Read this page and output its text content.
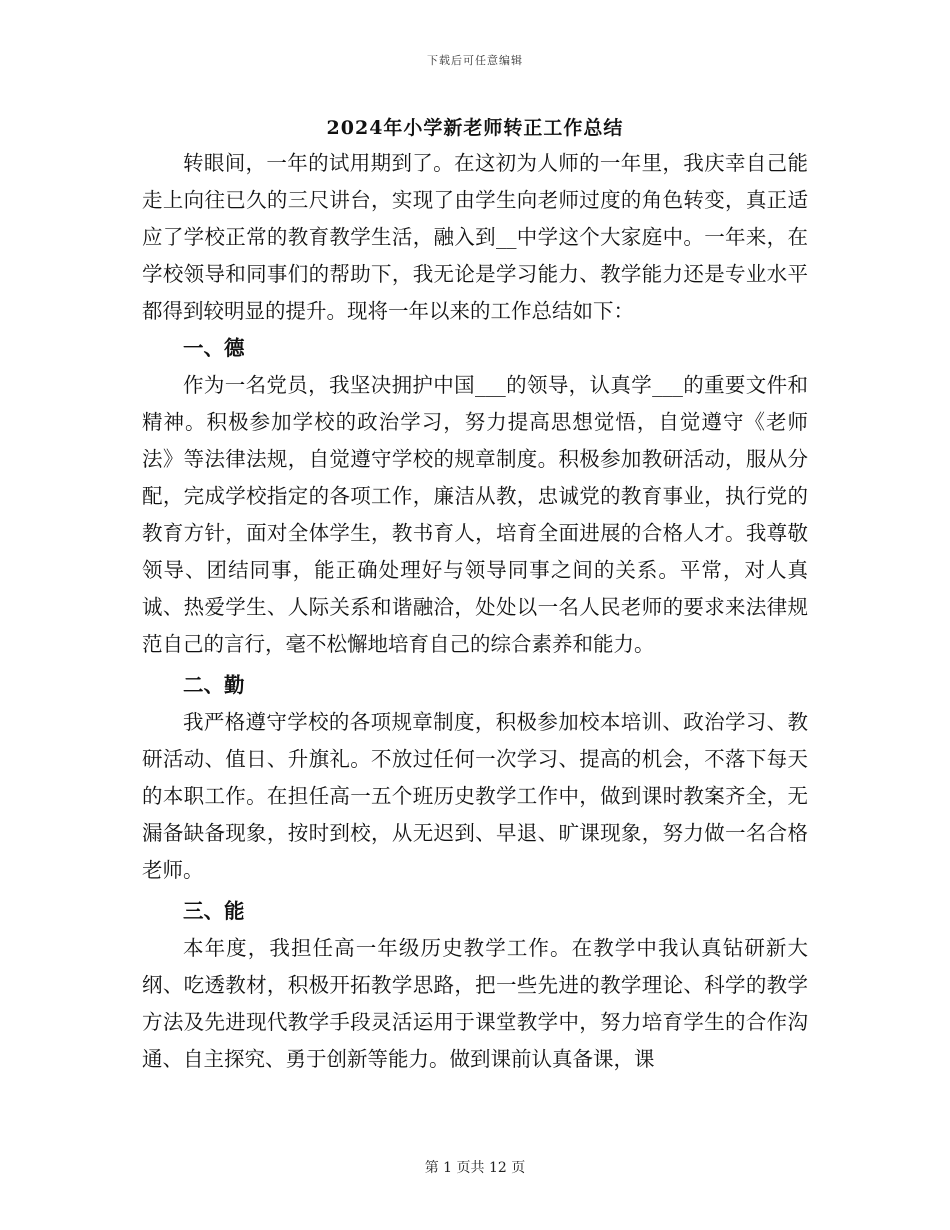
下载后可任意编辑
2024年小学新老师转正工作总结

转眼间，一年的试用期到了。在这初为人师的一年里，我庆幸自己能走上向往已久的三尺讲台，实现了由学生向老师过度的角色转变，真正适应了学校正常的教育教学生活，融入到__中学这个大家庭中。一年来，在学校领导和同事们的帮助下，我无论是学习能力、教学能力还是专业水平都得到较明显的提升。现将一年以来的工作总结如下：

一、德

作为一名党员，我坚决拥护中国___的领导，认真学___的重要文件和精神。积极参加学校的政治学习，努力提高思想觉悟，自觉遵守《老师法》等法律法规，自觉遵守学校的规章制度。积极参加教研活动，服从分配，完成学校指定的各项工作，廉洁从教，忠诚党的教育事业，执行党的教育方针，面对全体学生，教书育人，培育全面进展的合格人才。我尊敬领导、团结同事，能正确处理好与领导同事之间的关系。平常，对人真诚、热爱学生、人际关系和谐融洽，处处以一名人民老师的要求来法律规范自己的言行，毫不松懈地培育自己的综合素养和能力。

二、勤

我严格遵守学校的各项规章制度，积极参加校本培训、政治学习、教研活动、值日、升旗礼。不放过任何一次学习、提高的机会，不落下每天的本职工作。在担任高一五个班历史教学工作中，做到课时教案齐全，无漏备缺备现象，按时到校，从无迟到、早退、旷课现象，努力做一名合格老师。

三、能

本年度，我担任高一年级历史教学工作。在教学中我认真钻研新大纲、吃透教材，积极开拓教学思路，把一些先进的教学理论、科学的教学方法及先进现代教学手段灵活运用于课堂教学中，努力培育学生的合作沟通、自主探究、勇于创新等能力。做到课前认真备课，课

第 1 页共 12 页
